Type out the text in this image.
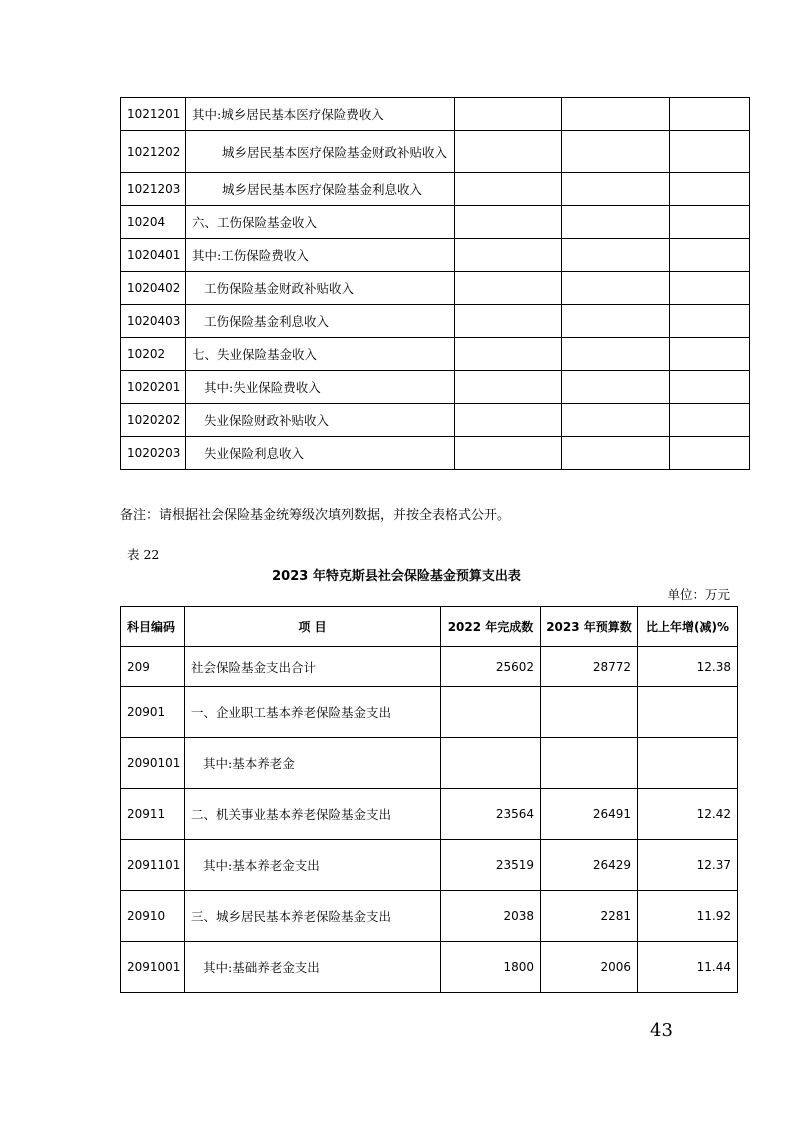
1021201	其中:城乡居民基本医疗保险费收入			
1021202	城乡居民基本医疗保险基金财政补贴收入			
1021203	城乡居民基本医疗保险基金利息收入			
10204	六、工伤保险基金收入			
1020401	其中:工伤保险费收入			
1020402	工伤保险基金财政补贴收入			
1020403	工伤保险基金利息收入			
10202	七、失业保险基金收入			
1020201	其中:失业保险费收入			
1020202	失业保险财政补贴收入			
1020203	失业保险利息收入			
备注：请根据社会保险基金统筹级次填列数据，并按全表格式公开。
表 22
2023 年特克斯县社会保险基金预算支出表
单位：万元
科目编码	项 目	2022 年完成数	2023 年预算数	比上年增(减)%
209	社会保险基金支出合计	25602	28772	12.38
20901	一、企业职工基本养老保险基金支出			
2090101	其中:基本养老金			
20911	二、机关事业基本养老保险基金支出	23564	26491	12.42
2091101	其中:基本养老金支出	23519	26429	12.37
20910	三、城乡居民基本养老保险基金支出	2038	2281	11.92
2091001	其中:基础养老金支出	1800	2006	11.44
43
